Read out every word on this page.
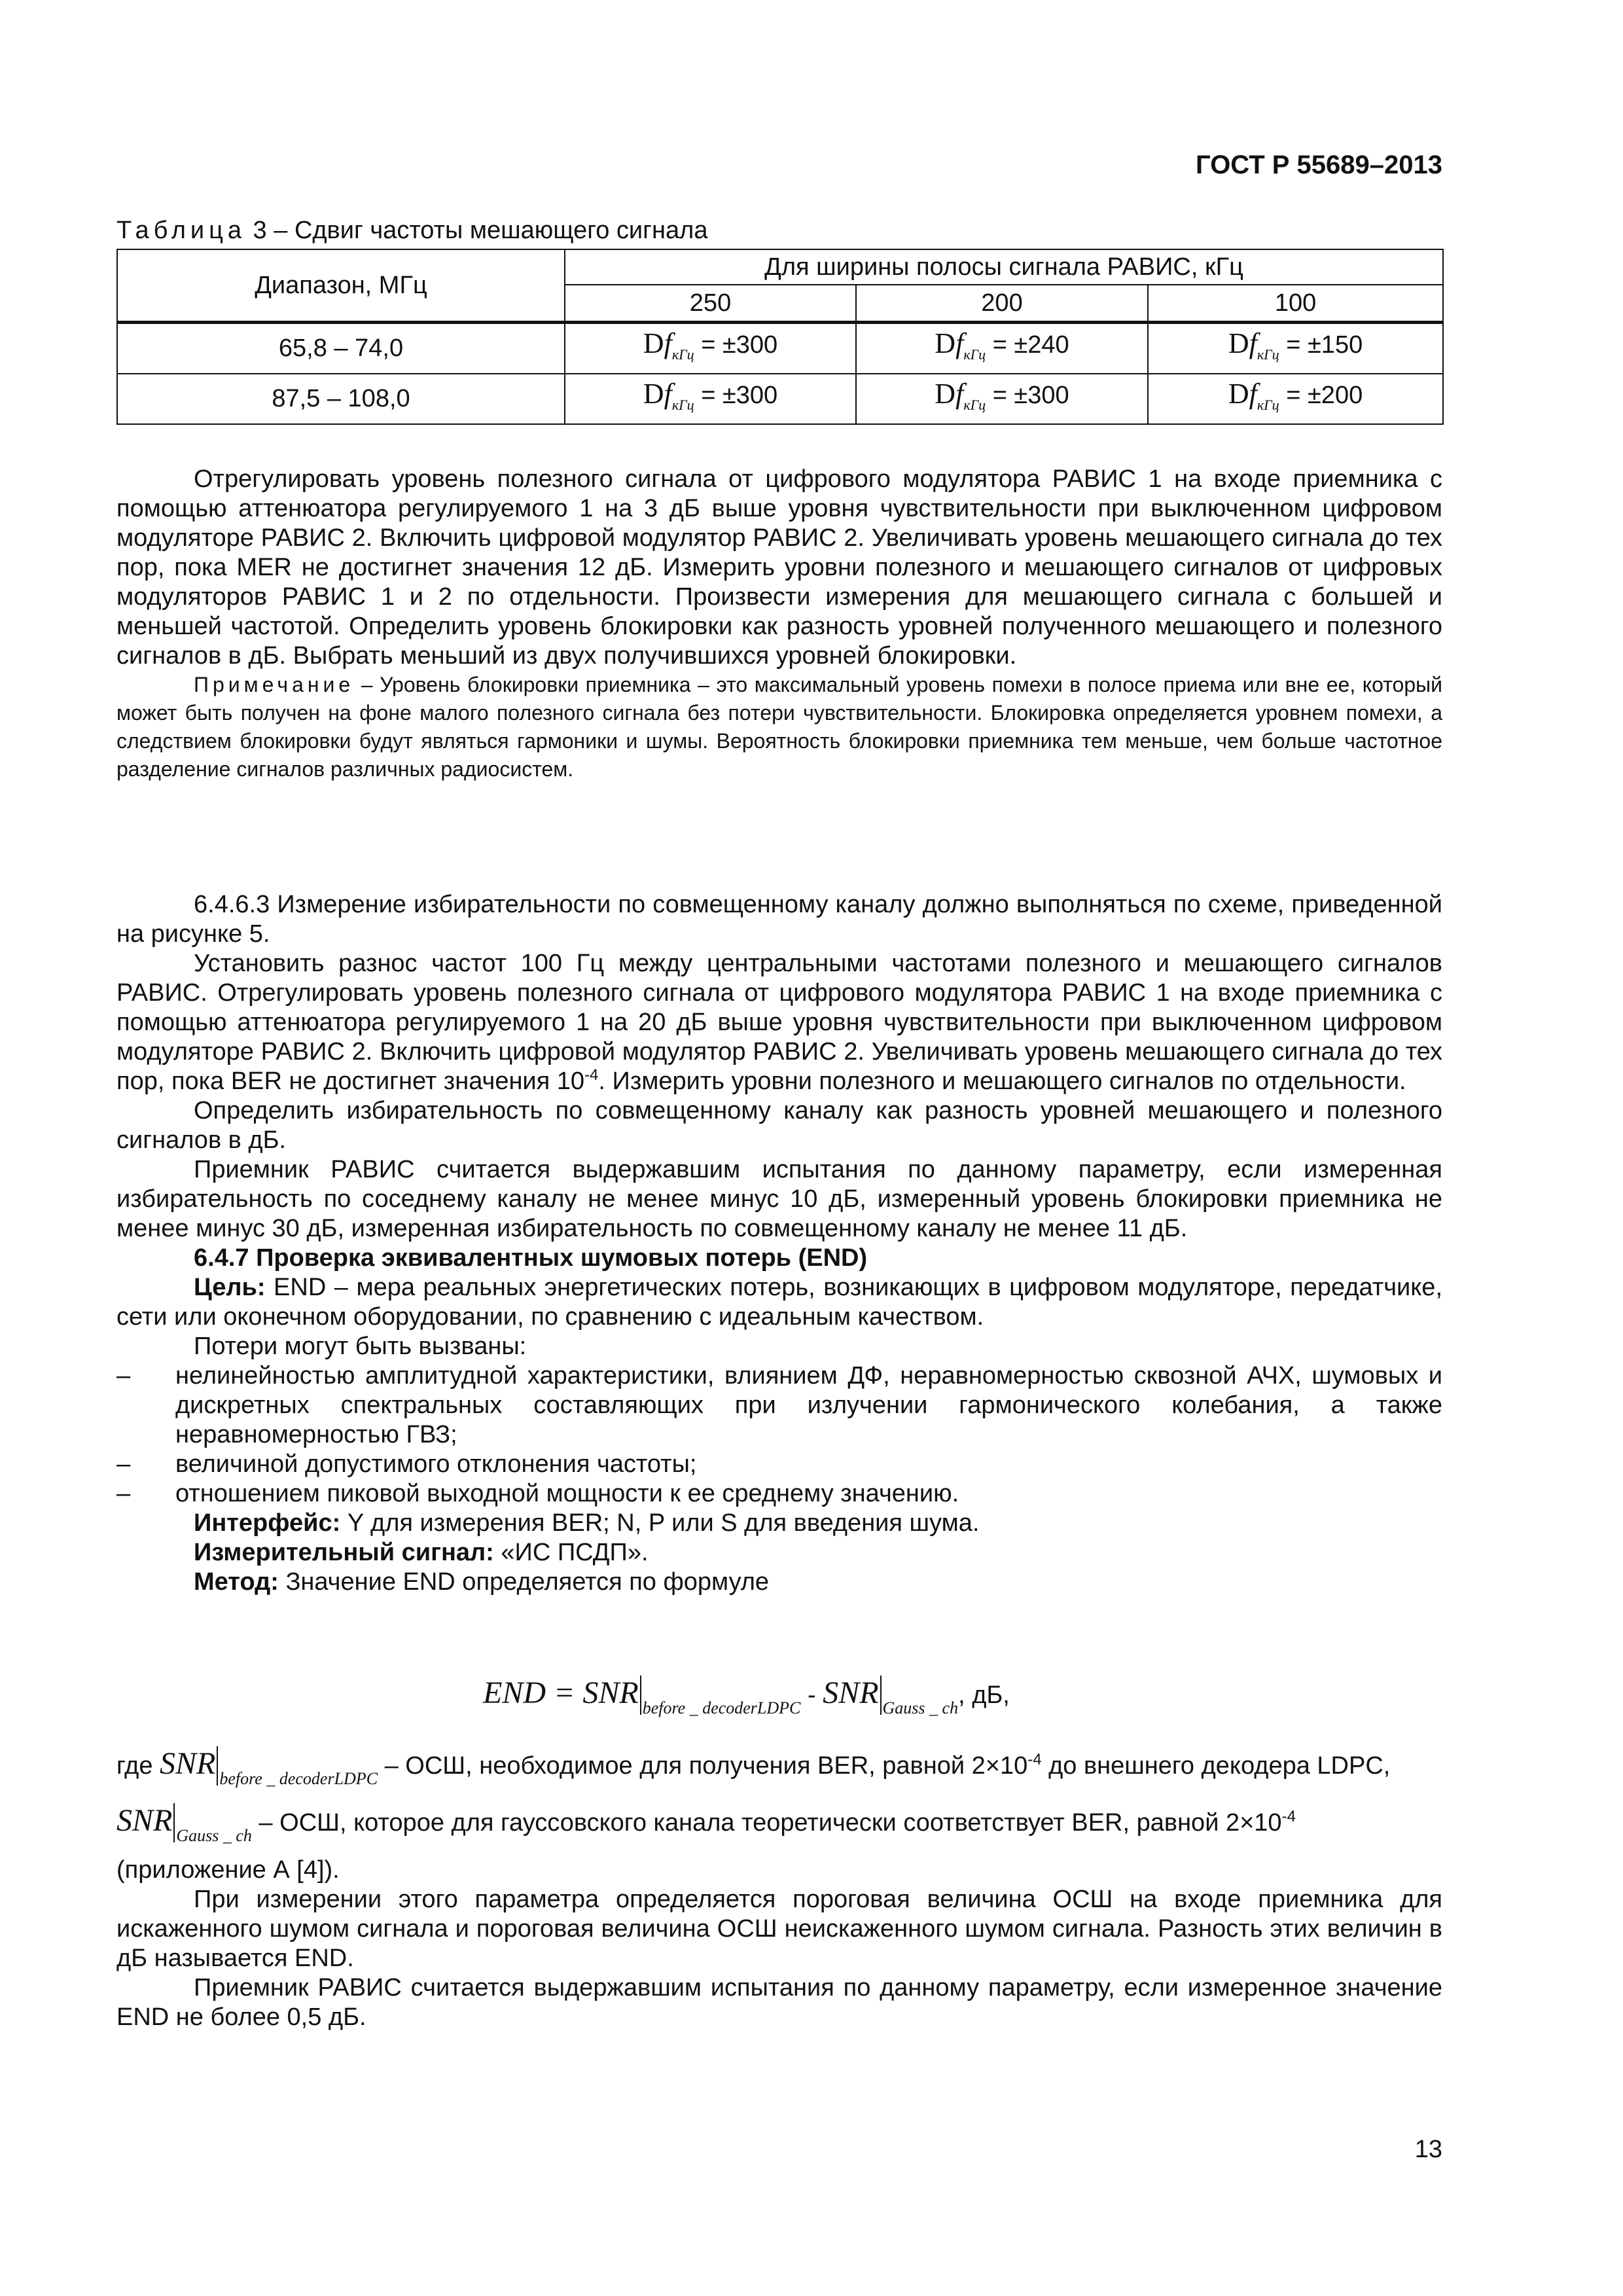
ГОСТ Р 55689–2013
Таблица 3 – Сдвиг частоты мешающего сигнала
Диапазон, МГц	Для ширины полосы сигнала РАВИС, кГц		
	250	200	100
65,8 – 74,0	$Df_{кГц} = \pm 300$	$Df_{кГц} = \pm 240$	$Df_{кГц} = \pm 150$
87,5 – 108,0	$Df_{кГц} = \pm 300$	$Df_{кГц} = \pm 300$	$Df_{кГц} = \pm 200$

Отрегулировать уровень полезного сигнала от цифрового модулятора РАВИС 1 на входе приемника с помощью аттенюатора регулируемого 1 на 3 дБ выше уровня чувствительности при выключенном цифровом модуляторе РАВИС 2. Включить цифровой модулятор РАВИС 2. Увеличивать уровень мешающего сигнала до тех пор, пока MER не достигнет значения 12 дБ. Измерить уровни полезного и мешающего сигналов от цифровых модуляторов РАВИС 1 и 2 по отдельности. Произвести измерения для мешающего сигнала с большей и меньшей частотой. Определить уровень блокировки как разность уровней полученного мешающего и полезного сигналов в дБ. Выбрать меньший из двух получившихся уровней блокировки.

Примечание – Уровень блокировки приемника – это максимальный уровень помехи в полосе приема или вне ее, который может быть получен на фоне малого полезного сигнала без потери чувствительности. Блокировка определяется уровнем помехи, а следствием блокировки будут являться гармоники и шумы. Вероятность блокировки приемника тем меньше, чем больше частотное разделение сигналов различных радиосистем.

6.4.6.3 Измерение избирательности по совмещенному каналу должно выполняться по схеме, приведенной на рисунке 5.

Установить разнос частот 100 Гц между центральными частотами полезного и мешающего сигналов РАВИС. Отрегулировать уровень полезного сигнала от цифрового модулятора РАВИС 1 на входе приемника с помощью аттенюатора регулируемого 1 на 20 дБ выше уровня чувствительности при выключенном цифровом модуляторе РАВИС 2. Включить цифровой модулятор РАВИС 2. Увеличивать уровень мешающего сигнала до тех пор, пока BER не достигнет значения $10^{-4}$. Измерить уровни полезного и мешающего сигналов по отдельности.

Определить избирательность по совмещенному каналу как разность уровней мешающего и полезного сигналов в дБ.

Приемник РАВИС считается выдержавшим испытания по данному параметру, если измеренная избирательность по соседнему каналу не менее минус 10 дБ, измеренный уровень блокировки приемника не менее минус 30 дБ, измеренная избирательность по совмещенному каналу не менее 11 дБ.

6.4.7 Проверка эквивалентных шумовых потерь (END)

Цель: END – мера реальных энергетических потерь, возникающих в цифровом модуляторе, передатчике, сети или оконечном оборудовании, по сравнению с идеальным качеством.

Потери могут быть вызваны:

– нелинейностью амплитудной характеристики, влиянием ДФ, неравномерностью сквозной АЧХ, шумовых и дискретных спектральных составляющих при излучении гармонического колебания, а также неравномерностью ГВЗ;
– величиной допустимого отклонения частоты;
– отношением пиковой выходной мощности к ее среднему значению.

Интерфейс: Y для измерения BER; N, P или S для введения шума.

Измерительный сигнал: «ИС ПСДП».

Метод: Значение END определяется по формуле

END = SNR $_{before \_ decoderLDPC}$ - SNR $_{Gauss \_ ch}$, дБ,

где SNR $_{before \_ decoderLDPC}$ – ОСШ, необходимое для получения BER, равной $2\times 10^{-4}$ до внешнего декодера LDPC,

SNR $_{Gauss \_ ch}$ – ОСШ, которое для гауссовского канала теоретически соответствует BER, равной $2\times 10^{-4}$

(приложение А [4]).

При измерении этого параметра определяется пороговая величина ОСШ на входе приемника для искаженного шумом сигнала и пороговая величина ОСШ неискаженного шумом сигнала. Разность этих величин в дБ называется END.

Приемник РАВИС считается выдержавшим испытания по данному параметру, если измеренное значение END не более 0,5 дБ.

13
